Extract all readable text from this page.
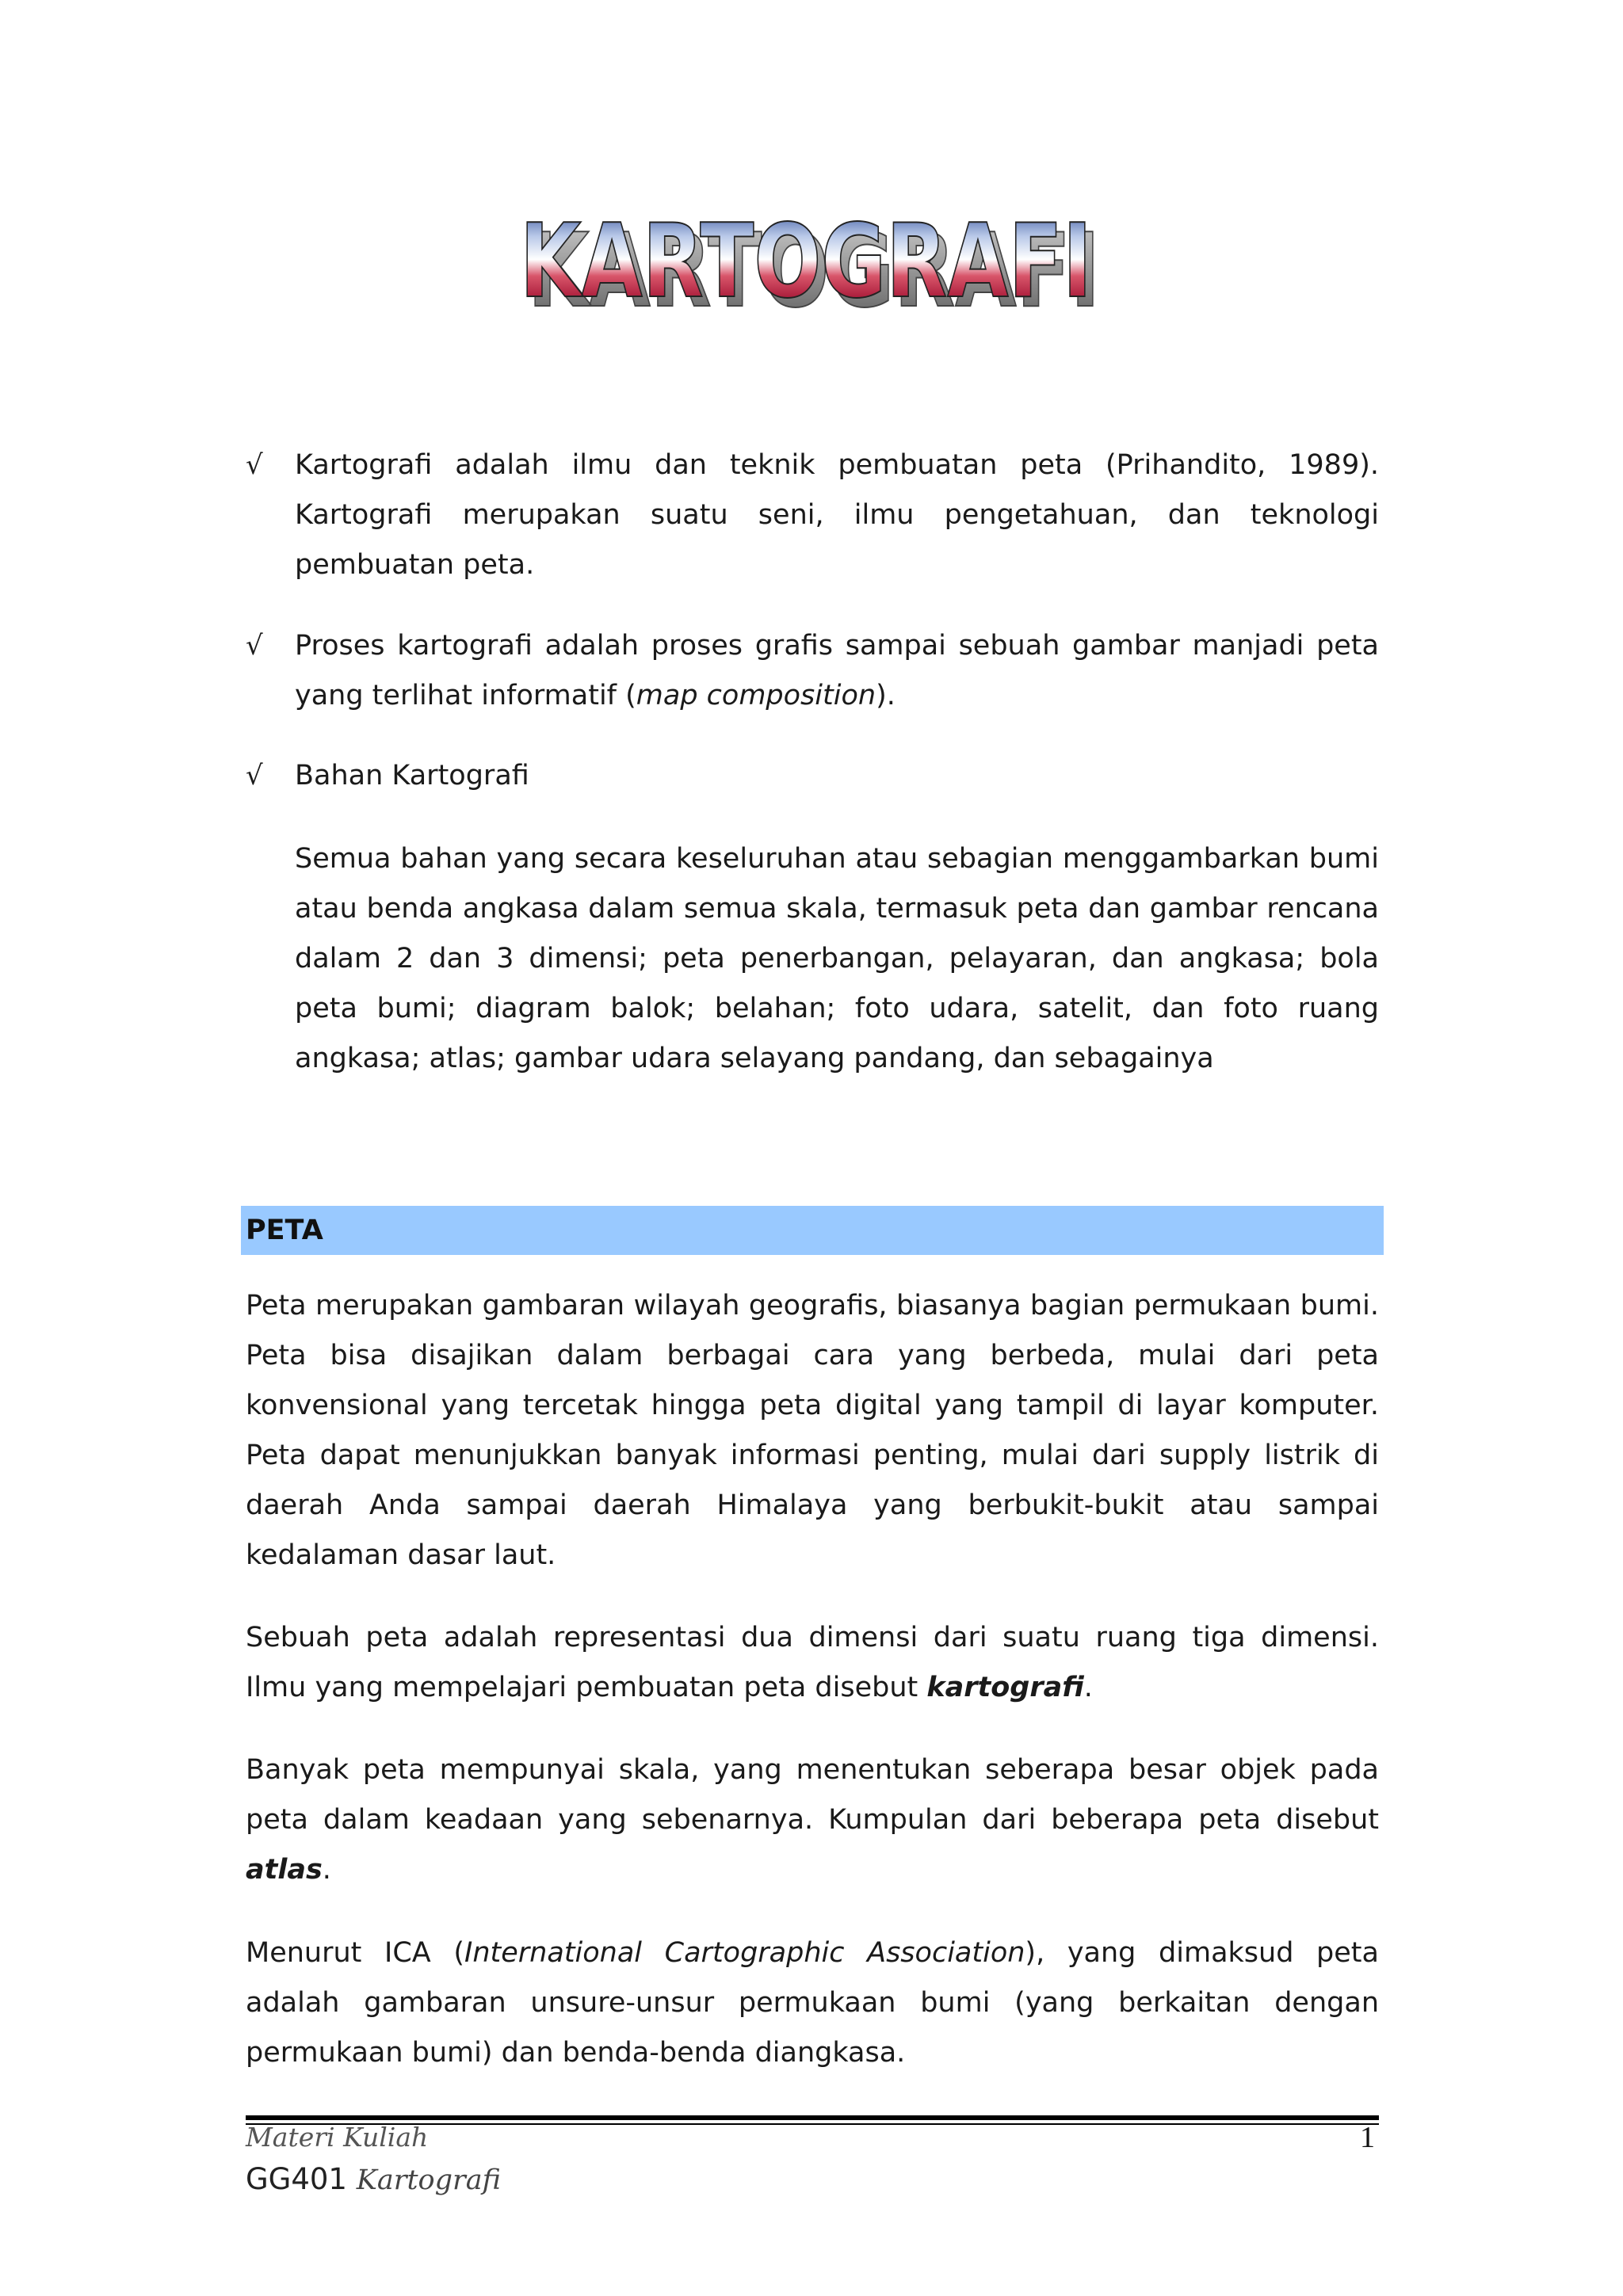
KARTOGRAFI
KARTOGRAFI
√ Kartografi adalah ilmu dan teknik pembuatan peta (Prihandito, 1989). Kartografi merupakan suatu seni, ilmu pengetahuan, dan teknologi pembuatan peta.
√ Proses kartografi adalah proses grafis sampai sebuah gambar manjadi peta yang terlihat informatif (map composition).
√ Bahan Kartografi
Semua bahan yang secara keseluruhan atau sebagian menggambarkan bumi atau benda angkasa dalam semua skala, termasuk peta dan gambar rencana dalam 2 dan 3 dimensi; peta penerbangan, pelayaran, dan angkasa; bola peta bumi; diagram balok; belahan; foto udara, satelit, dan foto ruang angkasa; atlas; gambar udara selayang pandang, dan sebagainya
PETA
Peta merupakan gambaran wilayah geografis, biasanya bagian permukaan bumi. Peta bisa disajikan dalam berbagai cara yang berbeda, mulai dari peta konvensional yang tercetak hingga peta digital yang tampil di layar komputer. Peta dapat menunjukkan banyak informasi penting, mulai dari supply listrik di daerah Anda sampai daerah Himalaya yang berbukit-bukit atau sampai kedalaman dasar laut.
Sebuah peta adalah representasi dua dimensi dari suatu ruang tiga dimensi. Ilmu yang mempelajari pembuatan peta disebut kartografi.
Banyak peta mempunyai skala, yang menentukan seberapa besar objek pada peta dalam keadaan yang sebenarnya. Kumpulan dari beberapa peta disebut atlas.
Menurut ICA (International Cartographic Association), yang dimaksud peta adalah gambaran unsure-unsur permukaan bumi (yang berkaitan dengan permukaan bumi) dan benda-benda diangkasa.
Materi Kuliah
GG401 Kartografi
1
